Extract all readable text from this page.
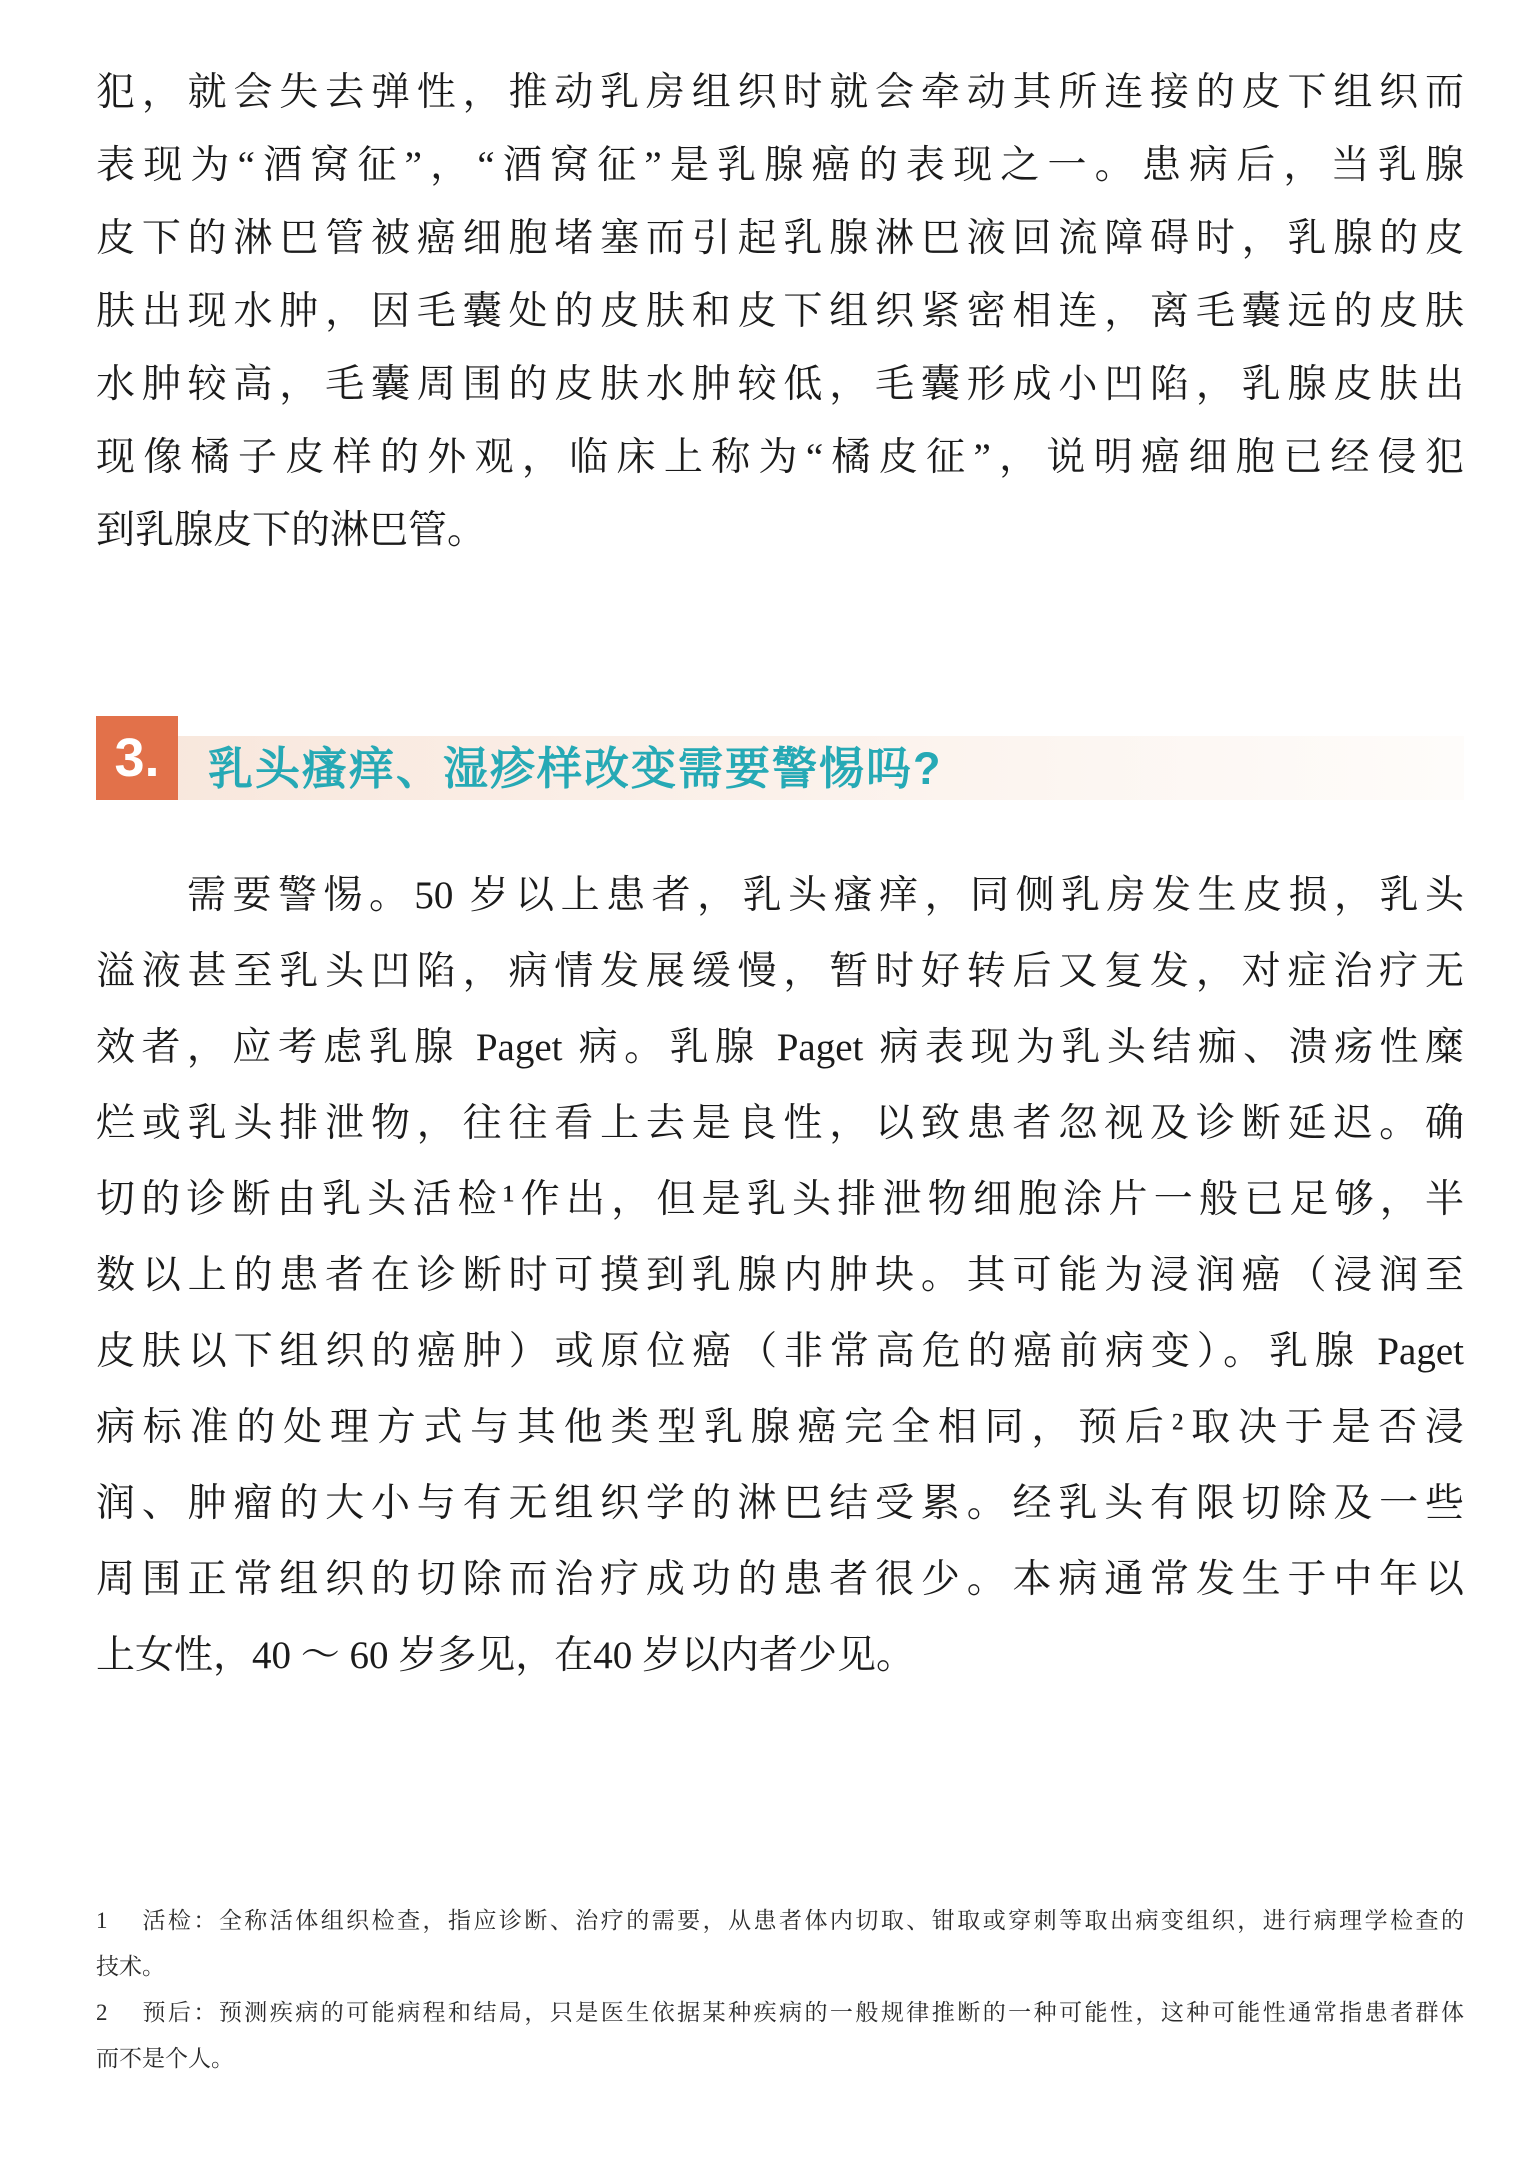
犯，就会失去弹性，推动乳房组织时就会牵动其所连接的皮下组织而
表现为“酒窝征”，“酒窝征”是乳腺癌的表现之一。患病后，当乳腺
皮下的淋巴管被癌细胞堵塞而引起乳腺淋巴液回流障碍时，乳腺的皮
肤出现水肿，因毛囊处的皮肤和皮下组织紧密相连，离毛囊远的皮肤
水肿较高，毛囊周围的皮肤水肿较低，毛囊形成小凹陷，乳腺皮肤出
现像橘子皮样的外观，临床上称为“橘皮征”，说明癌细胞已经侵犯
到乳腺皮下的淋巴管。
3.	乳头瘙痒、湿疹样改变需要警惕吗?
　　需要警惕。50 岁以上患者，乳头瘙痒，同侧乳房发生皮损，乳头
溢液甚至乳头凹陷，病情发展缓慢，暂时好转后又复发，对症治疗无
效者，应考虑乳腺 Paget 病。乳腺 Paget 病表现为乳头结痂、溃疡性糜
烂或乳头排泄物，往往看上去是良性，以致患者忽视及诊断延迟。确
切的诊断由乳头活检¹作出，但是乳头排泄物细胞涂片一般已足够，半
数以上的患者在诊断时可摸到乳腺内肿块。其可能为浸润癌（浸润至
皮肤以下组织的癌肿）或原位癌（非常高危的癌前病变）。乳腺 Paget
病标准的处理方式与其他类型乳腺癌完全相同，预后²取决于是否浸
润、肿瘤的大小与有无组织学的淋巴结受累。经乳头有限切除及一些
周围正常组织的切除而治疗成功的患者很少。本病通常发生于中年以
上女性，40 ～ 60 岁多见，在40 岁以内者少见。
1 活检：全称活体组织检查，指应诊断、治疗的需要，从患者体内切取、钳取或穿刺等取出病变组织，进行病理学检查的
技术。
2 预后：预测疾病的可能病程和结局，只是医生依据某种疾病的一般规律推断的一种可能性，这种可能性通常指患者群体
而不是个人。
